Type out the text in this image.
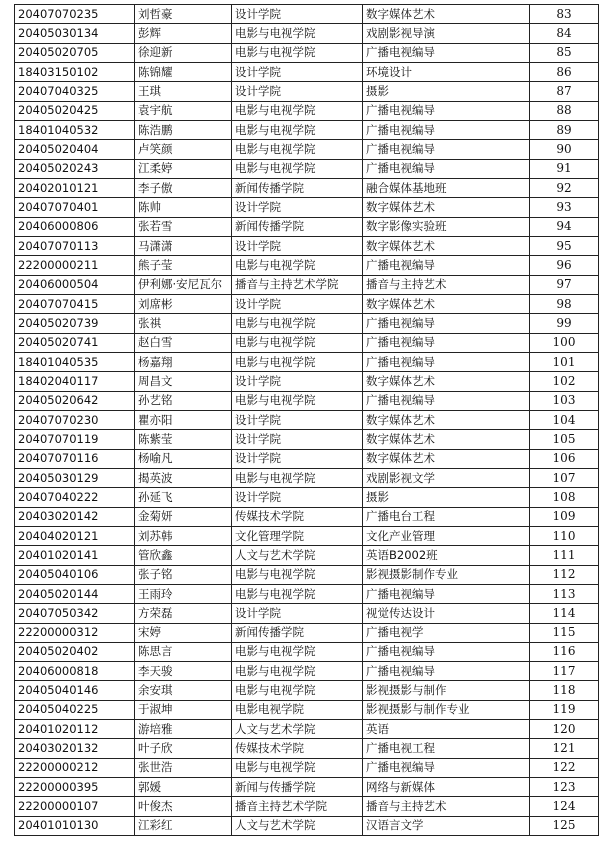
20407070235	刘哲豪	设计学院	数字媒体艺术	83
20405030134	彭辉	电影与电视学院	戏剧影视导演	84
20405020705	徐迎新	电影与电视学院	广播电视编导	85
18403150102	陈锦耀	设计学院	环境设计	86
20407040325	王琪	设计学院	摄影	87
20405020425	袁宇航	电影与电视学院	广播电视编导	88
18401040532	陈浩鹏	电影与电视学院	广播电视编导	89
20405020404	卢笑颜	电影与电视学院	广播电视编导	90
20405020243	江柔婷	电影与电视学院	广播电视编导	91
20402010121	李子傲	新闻传播学院	融合媒体基地班	92
20407070401	陈帅	设计学院	数字媒体艺术	93
20406000806	张若雪	新闻传播学院	数字影像实验班	94
20407070113	马潇潇	设计学院	数字媒体艺术	95
22200000211	熊子莹	电影与电视学院	广播电视编导	96
20406000504	伊利娜·安尼瓦尔	播音与主持艺术学院	播音与主持艺术	97
20407070415	刘席彬	设计学院	数字媒体艺术	98
20405020739	张祺	电影与电视学院	广播电视编导	99
20405020741	赵白雪	电影与电视学院	广播电视编导	100
18401040535	杨嘉翔	电影与电视学院	广播电视编导	101
18402040117	周昌文	设计学院	数字媒体艺术	102
20405020642	孙艺铭	电影与电视学院	广播电视编导	103
20407070230	瞿亦阳	设计学院	数字媒体艺术	104
20407070119	陈紫莹	设计学院	数字媒体艺术	105
20407070116	杨喻凡	设计学院	数字媒体艺术	106
20405030129	揭英波	电影与电视学院	戏剧影视文学	107
20407040222	孙延飞	设计学院	摄影	108
20403020142	金菊妍	传媒技术学院	广播电台工程	109
20404020121	刘苏韩	文化管理学院	文化产业管理	110
20401020141	管欣鑫	人文与艺术学院	英语B2002班	111
20405040106	张子铭	电影与电视学院	影视摄影制作专业	112
20405020144	王雨玲	电影与电视学院	广播电视编导	113
20407050342	方荣磊	设计学院	视觉传达设计	114
22200000312	宋婷	新闻传播学院	广播电视学	115
20405020402	陈思言	电影与电视学院	广播电视编导	116
20406000818	李天骏	电影与电视学院	广播电视编导	117
20405040146	余安琪	电影与电视学院	影视摄影与制作	118
20405040225	于淑坤	电影电视学院	影视摄影与制作专业	119
20401020112	游培雅	人文与艺术学院	英语	120
20403020132	叶子欣	传媒技术学院	广播电视工程	121
22200000212	张世浩	电影与电视学院	广播电视编导	122
22200000395	郭媛	新闻与传播学院	网络与新媒体	123
22200000107	叶俊杰	播音主持艺术学院	播音与主持艺术	124
20401010130	江彩红	人文与艺术学院	汉语言文学	125
